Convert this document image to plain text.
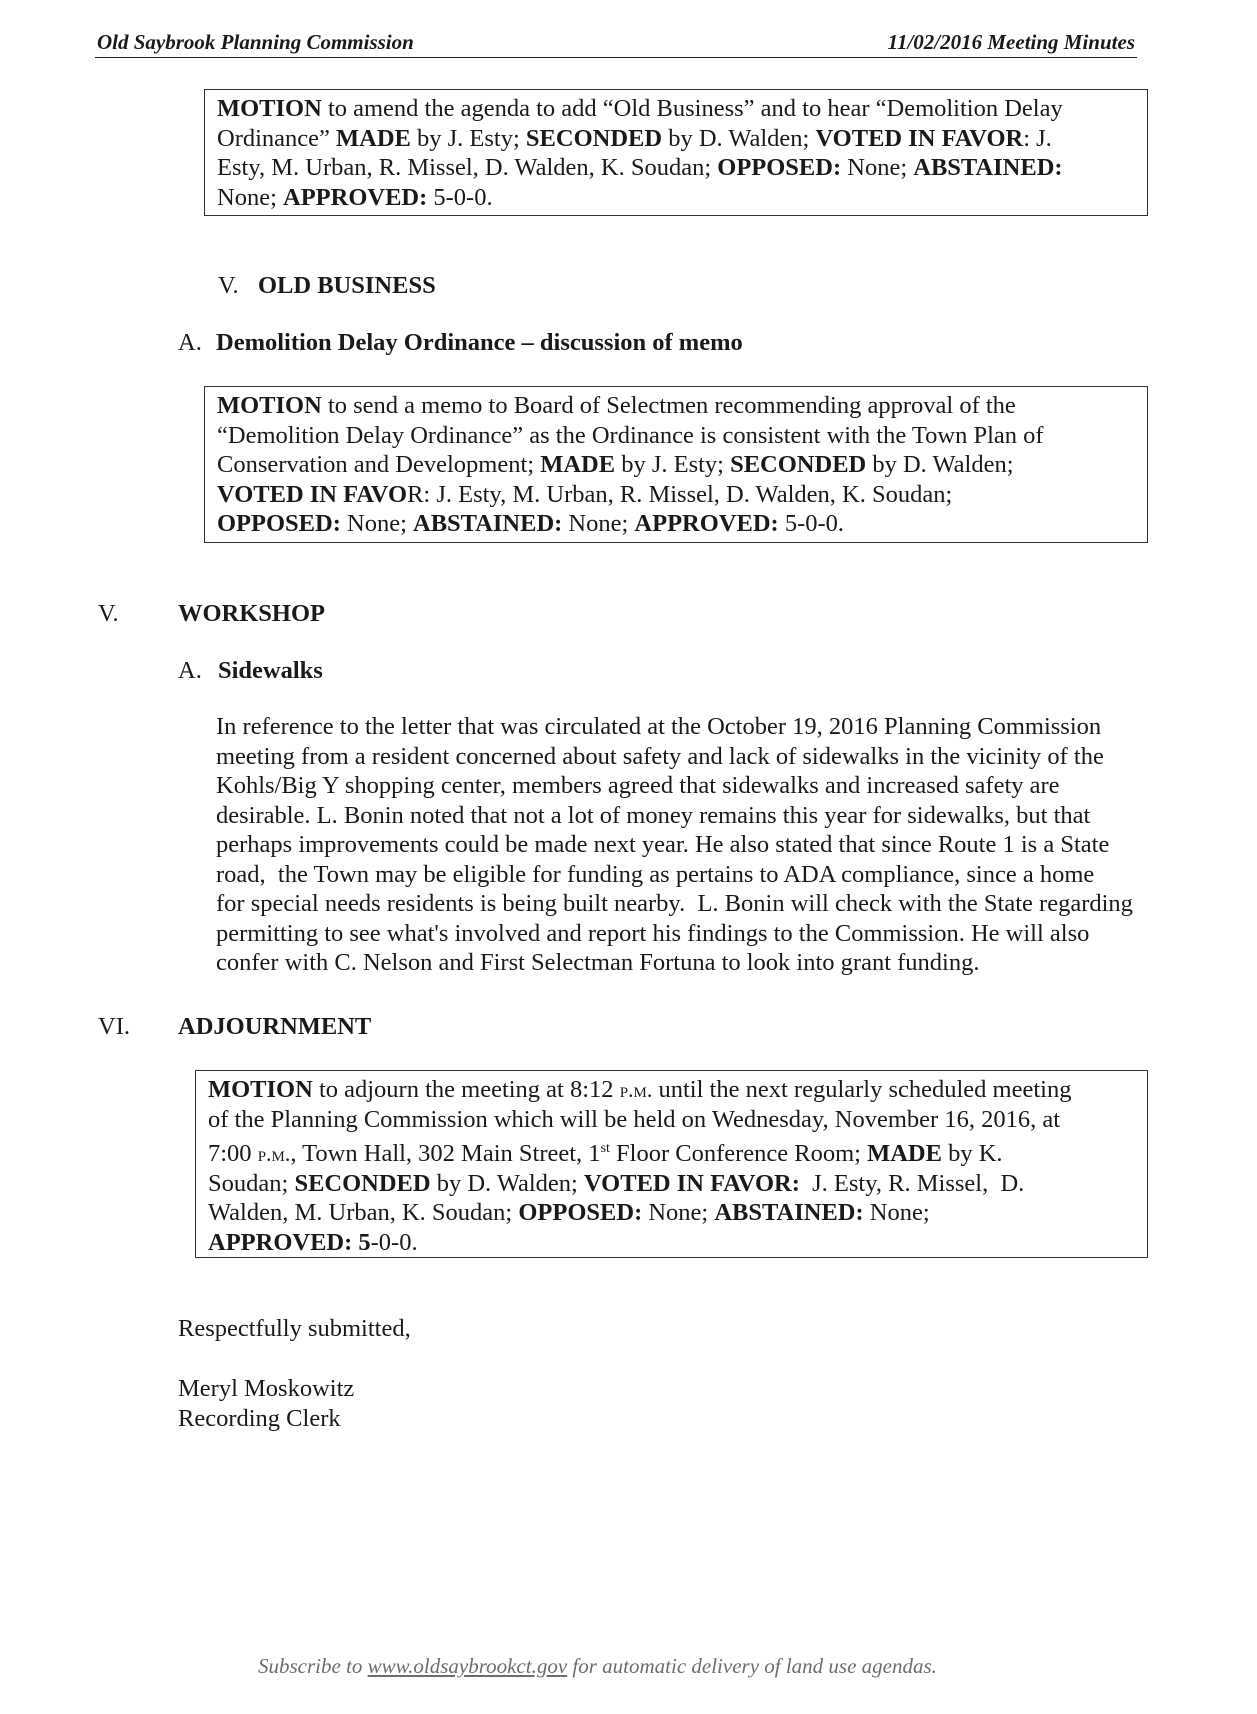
Old Saybrook Planning Commission	11/02/2016 Meeting Minutes
MOTION to amend the agenda to add “Old Business” and to hear “Demolition Delay
Ordinance” MADE by J. Esty; SECONDED by D. Walden; VOTED IN FAVOR: J.
Esty, M. Urban, R. Missel, D. Walden, K. Soudan; OPPOSED: None; ABSTAINED:
None; APPROVED: 5-0-0.
V. OLD BUSINESS
A. Demolition Delay Ordinance – discussion of memo
MOTION to send a memo to Board of Selectmen recommending approval of the
“Demolition Delay Ordinance” as the Ordinance is consistent with the Town Plan of
Conservation and Development; MADE by J. Esty; SECONDED by D. Walden;
VOTED IN FAVOR: J. Esty, M. Urban, R. Missel, D. Walden, K. Soudan;
OPPOSED: None; ABSTAINED: None; APPROVED: 5-0-0.
V. WORKSHOP
A. Sidewalks
In reference to the letter that was circulated at the October 19, 2016 Planning Commission
meeting from a resident concerned about safety and lack of sidewalks in the vicinity of the
Kohls/Big Y shopping center, members agreed that sidewalks and increased safety are
desirable. L. Bonin noted that not a lot of money remains this year for sidewalks, but that
perhaps improvements could be made next year. He also stated that since Route 1 is a State
road,  the Town may be eligible for funding as pertains to ADA compliance, since a home
for special needs residents is being built nearby.  L. Bonin will check with the State regarding
permitting to see what's involved and report his findings to the Commission. He will also
confer with C. Nelson and First Selectman Fortuna to look into grant funding.
VI. ADJOURNMENT
MOTION to adjourn the meeting at 8:12 p.m. until the next regularly scheduled meeting
of the Planning Commission which will be held on Wednesday, November 16, 2016, at
7:00 p.m., Town Hall, 302 Main Street, 1st Floor Conference Room; MADE by K.
Soudan; SECONDED by D. Walden; VOTED IN FAVOR:  J. Esty, R. Missel,  D.
Walden, M. Urban, K. Soudan; OPPOSED: None; ABSTAINED: None;
APPROVED: 5-0-0.
Respectfully submitted,
Meryl Moskowitz
Recording Clerk
Subscribe to www.oldsaybrookct.gov for automatic delivery of land use agendas.
